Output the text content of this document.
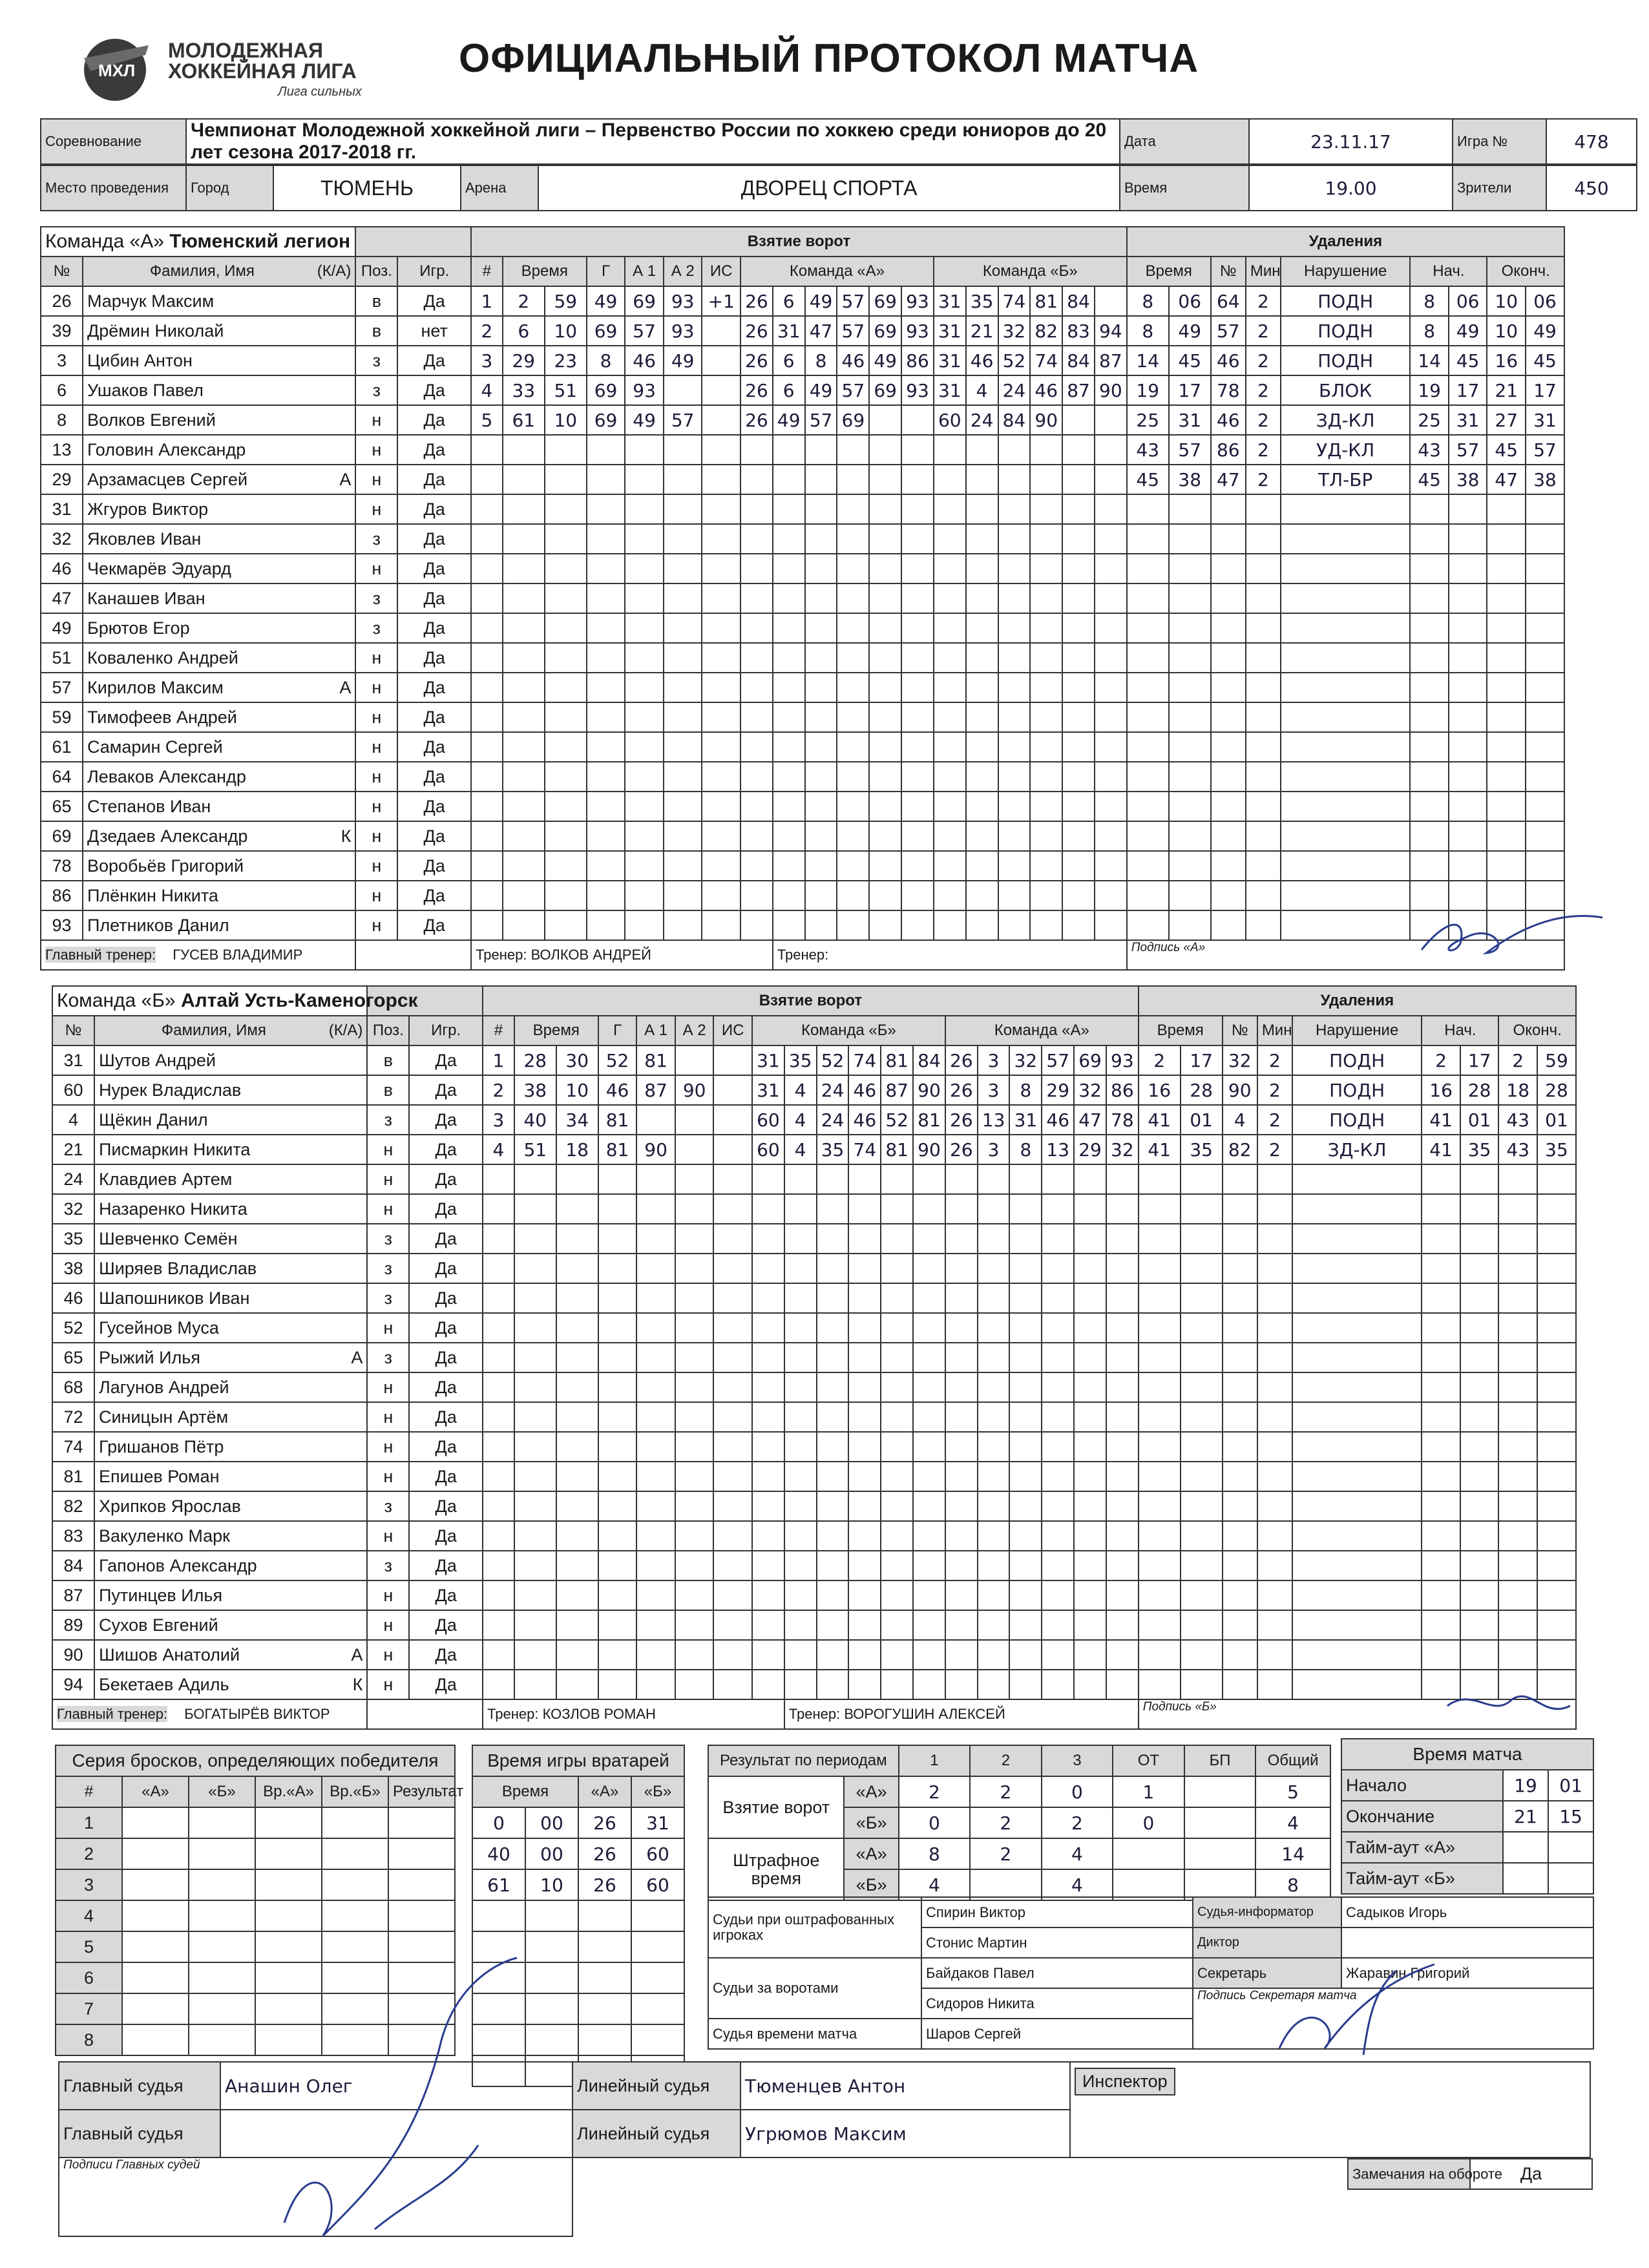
МХЛ
МОЛОДЕЖНАЯ
ХОККЕЙНАЯ ЛИГА
Лига сильных
ОФИЦИАЛЬНЫЙ ПРОТОКОЛ МАТЧА
Соревнование	Чемпионат Молодежной хоккейной лиги – Первенство России по хоккею среди юниоров до 20 лет сезона 2017-2018 гг.	Дата	23.11.17	Игра №	478
Место проведения	Город	ТЮМЕНЬ	Арена	ДВОРЕЦ СПОРТА	Время	19.00	Зрители	450
Команда «А» Тюменский легион				Взятие ворот																			Удаления								
№	Фамилия, Имя (К/А)	Поз.	Игр.	#	Время		Г	А 1	А 2	ИС	Команда «А»						Команда «Б»						Время		№	Мин	Нарушение	Нач.		Оконч.	
26	Марчук Максим	в	Да	1	2	59	49	69	93	+1	26	6	49	57	69	93	31	35	74	81	84		8	06	64	2	ПОДН	8	06	10	06
39	Дрёмин Николай	в	нет	2	6	10	69	57	93		26	31	47	57	69	93	31	21	32	82	83	94	8	49	57	2	ПОДН	8	49	10	49
3	Цибин Антон	з	Да	3	29	23	8	46	49		26	6	8	46	49	86	31	46	52	74	84	87	14	45	46	2	ПОДН	14	45	16	45
6	Ушаков Павел	з	Да	4	33	51	69	93			26	6	49	57	69	93	31	4	24	46	87	90	19	17	78	2	БЛОК	19	17	21	17
8	Волков Евгений	н	Да	5	61	10	69	49	57		26	49	57	69			60	24	84	90			25	31	46	2	ЗД-КЛ	25	31	27	31
13	Головин Александр	н	Да																				43	57	86	2	УД-КЛ	43	57	45	57
29	Арзамасцев Сергей А	н	Да																				45	38	47	2	ТЛ-БР	45	38	47	38
31	Жгуров Виктор	н	Да																												
32	Яковлев Иван	з	Да																												
46	Чекмарёв Эдуард	н	Да																												
47	Канашев Иван	з	Да																												
49	Брютов Егор	з	Да																												
51	Коваленко Андрей	н	Да																												
57	Кирилов Максим А	н	Да																												
59	Тимофеев Андрей	н	Да																												
61	Самарин Сергей	н	Да																												
64	Леваков Александр	н	Да																												
65	Степанов Иван	н	Да																												
69	Дзедаев Александр К	н	Да																												
78	Воробьёв Григорий	н	Да																												
86	Плёнкин Никита	н	Да																												
93	Плетников Данил	н	Да																												
Главный тренер: ГУСЕВ ВЛАДИМИР				Тренер: ВОЛКОВ АНДРЕЙ								Тренер:											Подпись «А»								
Команда «Б» Алтай Усть-Каменогорск				Взятие ворот																			Удаления								
№	Фамилия, Имя (К/А)	Поз.	Игр.	#	Время		Г	А 1	А 2	ИС	Команда «Б»						Команда «А»						Время		№	Мин	Нарушение	Нач.		Оконч.	
31	Шутов Андрей	в	Да	1	28	30	52	81			31	35	52	74	81	84	26	3	32	57	69	93	2	17	32	2	ПОДН	2	17	2	59
60	Нурек Владислав	в	Да	2	38	10	46	87	90		31	4	24	46	87	90	26	3	8	29	32	86	16	28	90	2	ПОДН	16	28	18	28
4	Щёкин Данил	з	Да	3	40	34	81				60	4	24	46	52	81	26	13	31	46	47	78	41	01	4	2	ПОДН	41	01	43	01
21	Писмаркин Никита	н	Да	4	51	18	81	90			60	4	35	74	81	90	26	3	8	13	29	32	41	35	82	2	ЗД-КЛ	41	35	43	35
24	Клавдиев Артем	н	Да																												
32	Назаренко Никита	н	Да																												
35	Шевченко Семён	з	Да																												
38	Ширяев Владислав	з	Да																												
46	Шапошников Иван	з	Да																												
52	Гусейнов Муса	н	Да																												
65	Рыжий Илья А	з	Да																												
68	Лагунов Андрей	н	Да																												
72	Синицын Артём	н	Да																												
74	Гришанов Пётр	н	Да																												
81	Епишев Роман	н	Да																												
82	Хрипков Ярослав	з	Да																												
83	Вакуленко Марк	н	Да																												
84	Гапонов Александр	з	Да																												
87	Путинцев Илья	н	Да																												
89	Сухов Евгений	н	Да																												
90	Шишов Анатолий А	н	Да																												
94	Бекетаев Адиль К	н	Да																												
Главный тренер: БОГАТЫРЁВ ВИКТОР				Тренер: КОЗЛОВ РОМАН								Тренер: ВОРОГУШИН АЛЕКСЕЙ											Подпись «Б»								
Серия бросков, определяющих победителя					
#	«А»	«Б»	Вр.«А»	Вр.«Б»	Результат
1					
2					
3					
4					
5					
6					
7					
8					
Время игры вратарей			
Время		«А»	«Б»
0	00	26	31
40	00	26	60
61	10	26	60

Результат по периодам		1	2	3	ОТ	БП	Общий
Взятие ворот	«А»	2	2	0	1		5
	«Б»	0	2	2	0		4
Штрафное время	«А»	8	2	4			14
	«Б»	4		4			8
Время матча		
Начало	19	01
Окончание	21	15
Тайм-аут «А»		
Тайм-аут «Б»		
Судьи при оштрафованных игроках	Спирин Виктор	Судья-информатор	Садыков Игорь
	Стонис Мартин	Диктор	
Судьи за воротами	Байдаков Павел	Секретарь	Жаравин Григорий
	Сидоров Никита	Подпись Секретаря матча	
Судья времени матча	Шаров Сергей		
Главный судья	Анашин Олег	Линейный судья	Тюменцев Антон	Инспектор
Главный судья		Линейный судья	Угрюмов Максим	
Подписи Главных судей				
Замечания на обороте	Да
